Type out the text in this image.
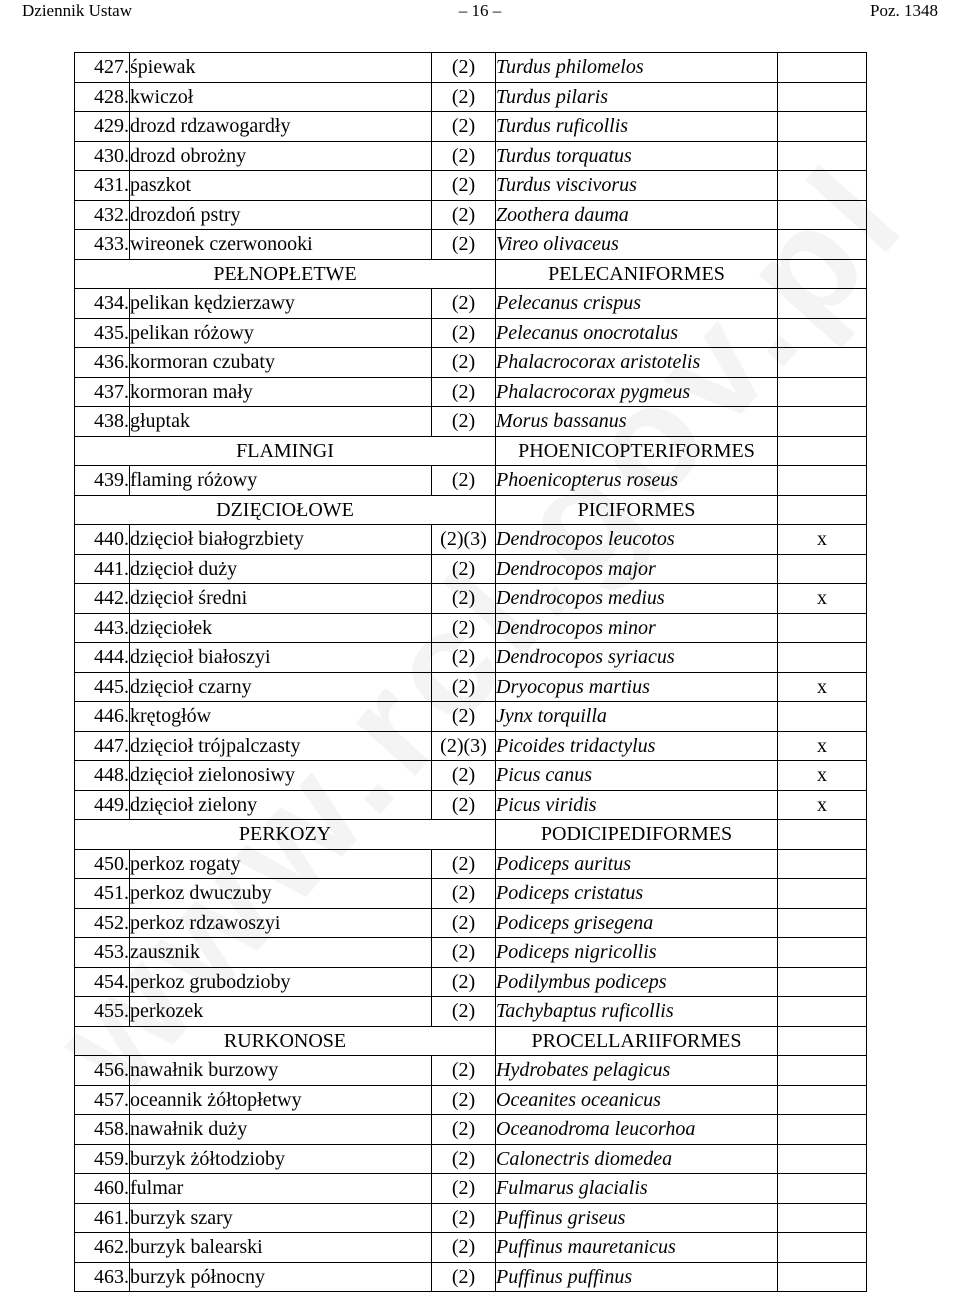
Dziennik Ustaw	– 16 –	Poz. 1348
427.	śpiewak	(2)	Turdus philomelos	
428.	kwiczoł	(2)	Turdus pilaris	
429.	drozd rdzawogardły	(2)	Turdus ruficollis	
430.	drozd obrożny	(2)	Turdus torquatus	
431.	paszkot	(2)	Turdus viscivorus	
432.	drozdoń pstry	(2)	Zoothera dauma	
433.	wireonek czerwonooki	(2)	Vireo olivaceus	
PEŁNOPŁETWE			PELECANIFORMES	
434.	pelikan kędzierzawy	(2)	Pelecanus crispus	
435.	pelikan różowy	(2)	Pelecanus onocrotalus	
436.	kormoran czubaty	(2)	Phalacrocorax aristotelis	
437.	kormoran mały	(2)	Phalacrocorax pygmeus	
438.	głuptak	(2)	Morus bassanus	
FLAMINGI			PHOENICOPTERIFORMES	
439.	flaming różowy	(2)	Phoenicopterus roseus	
DZIĘCIOŁOWE			PICIFORMES	
440.	dzięcioł białogrzbiety	(2)(3)	Dendrocopos leucotos	x
441.	dzięcioł duży	(2)	Dendrocopos major	
442.	dzięcioł średni	(2)	Dendrocopos medius	x
443.	dzięciołek	(2)	Dendrocopos minor	
444.	dzięcioł białoszyi	(2)	Dendrocopos syriacus	
445.	dzięcioł czarny	(2)	Dryocopus martius	x
446.	krętogłów	(2)	Jynx torquilla	
447.	dzięcioł trójpalczasty	(2)(3)	Picoides tridactylus	x
448.	dzięcioł zielonosiwy	(2)	Picus canus	x
449.	dzięcioł zielony	(2)	Picus viridis	x
PERKOZY			PODICIPEDIFORMES	
450.	perkoz rogaty	(2)	Podiceps auritus	
451.	perkoz dwuczuby	(2)	Podiceps cristatus	
452.	perkoz rdzawoszyi	(2)	Podiceps grisegena	
453.	zausznik	(2)	Podiceps nigricollis	
454.	perkoz grubodzioby	(2)	Podilymbus podiceps	
455.	perkozek	(2)	Tachybaptus ruficollis	
RURKONOSE			PROCELLARIIFORMES	
456.	nawałnik burzowy	(2)	Hydrobates pelagicus	
457.	oceannik żółtopłetwy	(2)	Oceanites oceanicus	
458.	nawałnik duży	(2)	Oceanodroma leucorhoa	
459.	burzyk żółtodzioby	(2)	Calonectris diomedea	
460.	fulmar	(2)	Fulmarus glacialis	
461.	burzyk szary	(2)	Puffinus griseus	
462.	burzyk balearski	(2)	Puffinus mauretanicus	
463.	burzyk północny	(2)	Puffinus puffinus	
